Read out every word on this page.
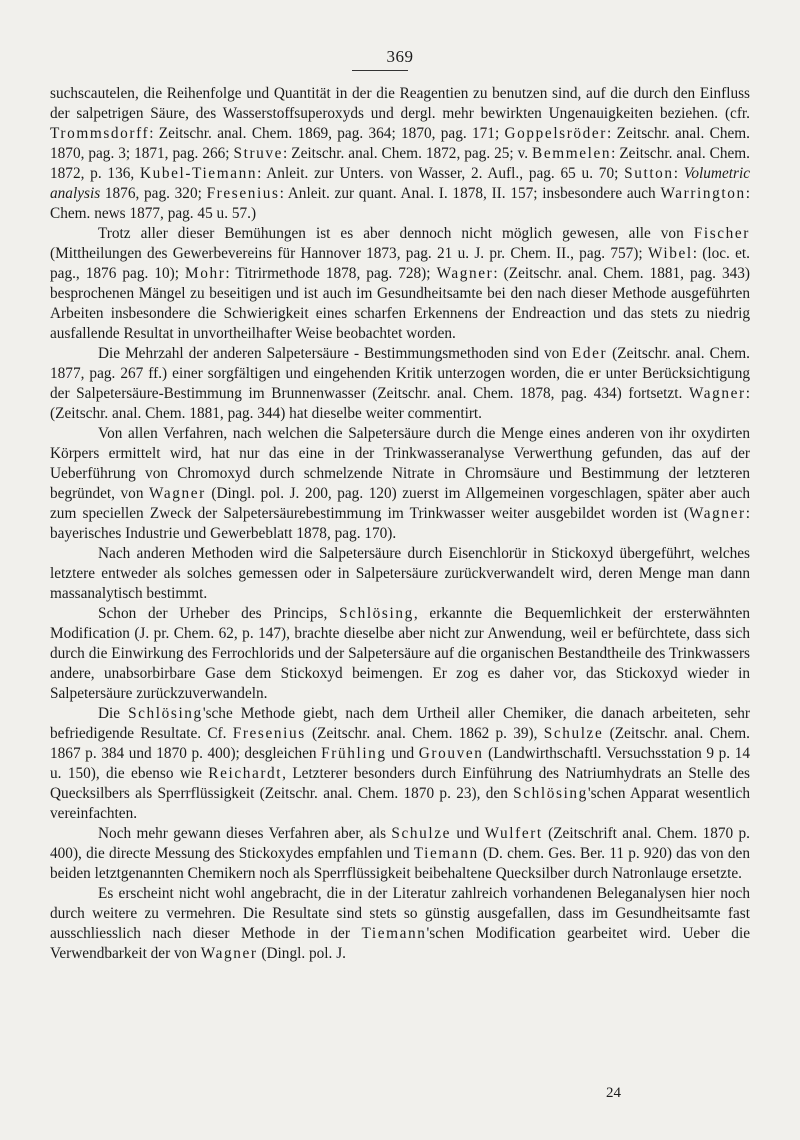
369

suchscautelen, die Reihenfolge und Quantität in der die Reagentien zu benutzen sind, auf die durch den Einfluss der salpetrigen Säure, des Wasserstoffsuperoxyds und dergl. mehr bewirkten Ungenauigkeiten beziehen. (cfr. Trommsdorff: Zeitschr. anal. Chem. 1869, pag. 364; 1870, pag. 171; Goppelsröder: Zeitschr. anal. Chem. 1870, pag. 3; 1871, pag. 266; Struve: Zeitschr. anal. Chem. 1872, pag. 25; v. Bemmelen: Zeitschr. anal. Chem. 1872, p. 136, Kubel-Tiemann: Anleit. zur Unters. von Wasser, 2. Aufl., pag. 65 u. 70; Sutton: Volumetric analysis 1876, pag. 320; Fresenius: Anleit. zur quant. Anal. I. 1878, II. 157; insbesondere auch Warrington: Chem. news 1877, pag. 45 u. 57.)

Trotz aller dieser Bemühungen ist es aber dennoch nicht möglich gewesen, alle von Fischer (Mittheilungen des Gewerbevereins für Hannover 1873, pag. 21 u. J. pr. Chem. II., pag. 757); Wibel: (loc. et. pag., 1876 pag. 10); Mohr: Titrirmethode 1878, pag. 728); Wagner: (Zeitschr. anal. Chem. 1881, pag. 343) besprochenen Mängel zu beseitigen und ist auch im Gesundheitsamte bei den nach dieser Methode ausgeführten Arbeiten insbesondere die Schwierigkeit eines scharfen Erkennens der Endreaction und das stets zu niedrig ausfallende Resultat in unvortheilhafter Weise beobachtet worden.

Die Mehrzahl der anderen Salpetersäure - Bestimmungsmethoden sind von Eder (Zeitschr. anal. Chem. 1877, pag. 267 ff.) einer sorgfältigen und eingehenden Kritik unterzogen worden, die er unter Berücksichtigung der Salpetersäure-Bestimmung im Brunnenwasser (Zeitschr. anal. Chem. 1878, pag. 434) fortsetzt. Wagner: (Zeitschr. anal. Chem. 1881, pag. 344) hat dieselbe weiter commentirt.

Von allen Verfahren, nach welchen die Salpetersäure durch die Menge eines anderen von ihr oxydirten Körpers ermittelt wird, hat nur das eine in der Trinkwasseranalyse Verwerthung gefunden, das auf der Ueberführung von Chromoxyd durch schmelzende Nitrate in Chromsäure und Bestimmung der letzteren begründet, von Wagner (Dingl. pol. J. 200, pag. 120) zuerst im Allgemeinen vorgeschlagen, später aber auch zum speciellen Zweck der Salpetersäurebestimmung im Trinkwasser weiter ausgebildet worden ist (Wagner: bayerisches Industrie und Gewerbeblatt 1878, pag. 170).

Nach anderen Methoden wird die Salpetersäure durch Eisenchlorür in Stickoxyd übergeführt, welches letztere entweder als solches gemessen oder in Salpetersäure zurückverwandelt wird, deren Menge man dann massanalytisch bestimmt.

Schon der Urheber des Princips, Schlösing, erkannte die Bequemlichkeit der ersterwähnten Modification (J. pr. Chem. 62, p. 147), brachte dieselbe aber nicht zur Anwendung, weil er befürchtete, dass sich durch die Einwirkung des Ferrochlorids und der Salpetersäure auf die organischen Bestandtheile des Trinkwassers andere, unabsorbirbare Gase dem Stickoxyd beimengen. Er zog es daher vor, das Stickoxyd wieder in Salpetersäure zurückzuverwandeln.

Die Schlösing'sche Methode giebt, nach dem Urtheil aller Chemiker, die danach arbeiteten, sehr befriedigende Resultate. Cf. Fresenius (Zeitschr. anal. Chem. 1862 p. 39), Schulze (Zeitschr. anal. Chem. 1867 p. 384 und 1870 p. 400); desgleichen Frühling und Grouven (Landwirthschaftl. Versuchsstation 9 p. 14 u. 150), die ebenso wie Reichardt, Letzterer besonders durch Einführung des Natriumhydrats an Stelle des Quecksilbers als Sperrflüssigkeit (Zeitschr. anal. Chem. 1870 p. 23), den Schlösing'schen Apparat wesentlich vereinfachten.

Noch mehr gewann dieses Verfahren aber, als Schulze und Wulfert (Zeitschrift anal. Chem. 1870 p. 400), die directe Messung des Stickoxydes empfahlen und Tiemann (D. chem. Ges. Ber. 11 p. 920) das von den beiden letztgenannten Chemikern noch als Sperrflüssigkeit beibehaltene Quecksilber durch Natronlauge ersetzte.

Es erscheint nicht wohl angebracht, die in der Literatur zahlreich vorhandenen Beleganalysen hier noch durch weitere zu vermehren. Die Resultate sind stets so günstig ausgefallen, dass im Gesundheitsamte fast ausschliesslich nach dieser Methode in der Tiemann'schen Modification gearbeitet wird. Ueber die Verwendbarkeit der von Wagner (Dingl. pol. J.

24
